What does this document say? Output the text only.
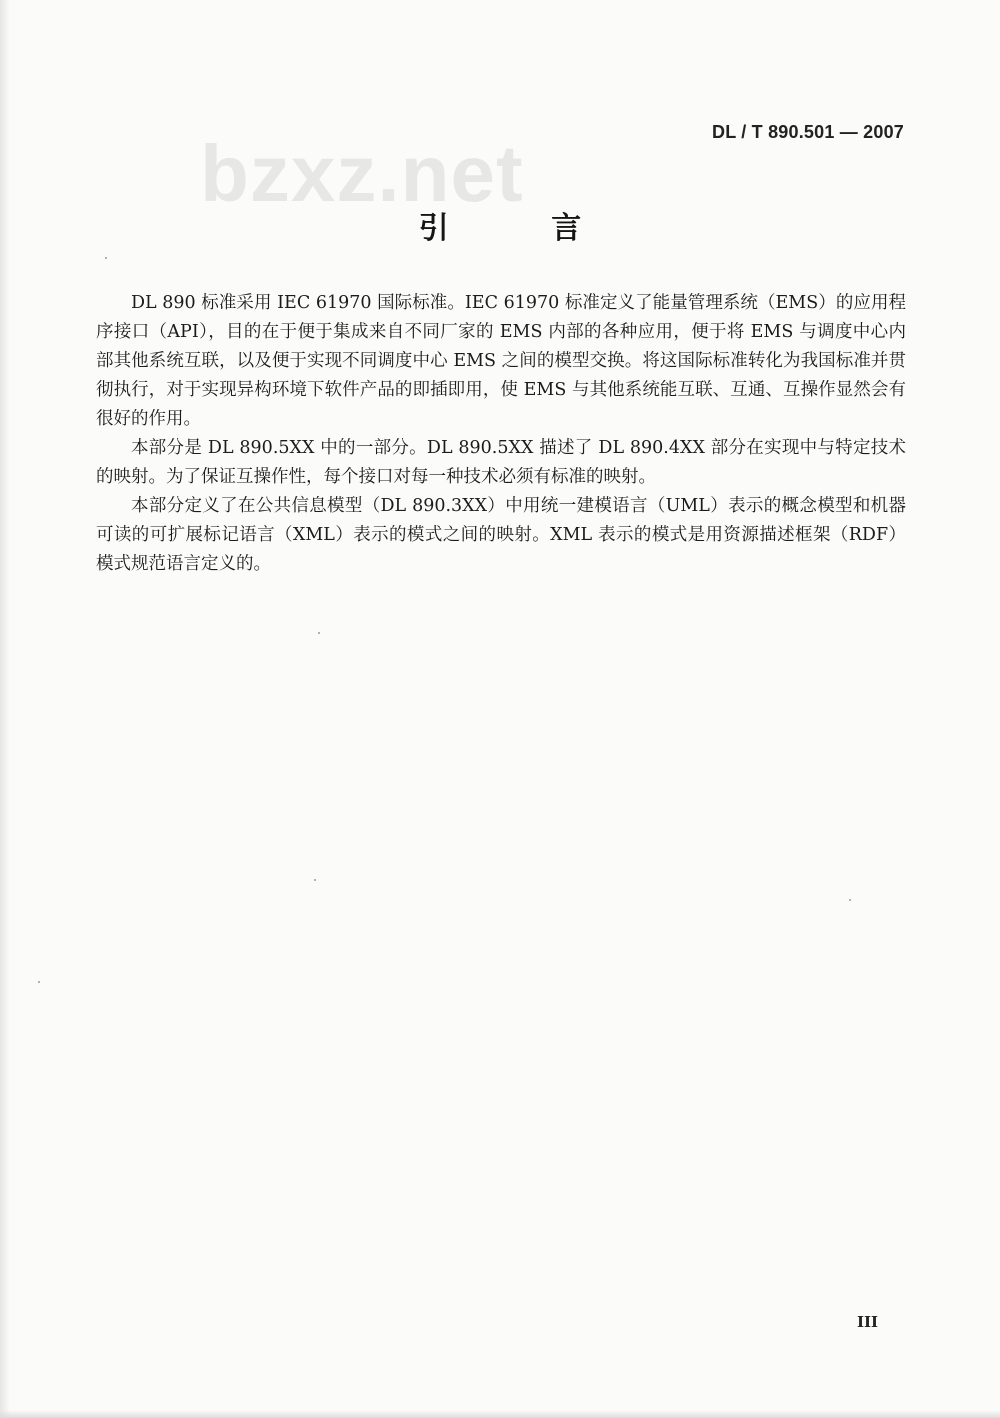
bzxz.net	DL / T 890.501 — 2007
引 言

DL 890 标准采用 IEC 61970 国际标准。IEC 61970 标准定义了能量管理系统（EMS）的应用程序接口（API），目的在于便于集成来自不同厂家的 EMS 内部的各种应用，便于将 EMS 与调度中心内部其他系统互联，以及便于实现不同调度中心 EMS 之间的模型交换。将这国际标准转化为我国标准并贯彻执行，对于实现异构环境下软件产品的即插即用，使 EMS 与其他系统能互联、互通、互操作显然会有很好的作用。

本部分是 DL 890.5XX 中的一部分。DL 890.5XX 描述了 DL 890.4XX 部分在实现中与特定技术的映射。为了保证互操作性，每个接口对每一种技术必须有标准的映射。

本部分定义了在公共信息模型（DL 890.3XX）中用统一建模语言（UML）表示的概念模型和机器可读的可扩展标记语言（XML）表示的模式之间的映射。XML 表示的模式是用资源描述框架（RDF）模式规范语言定义的。

III
